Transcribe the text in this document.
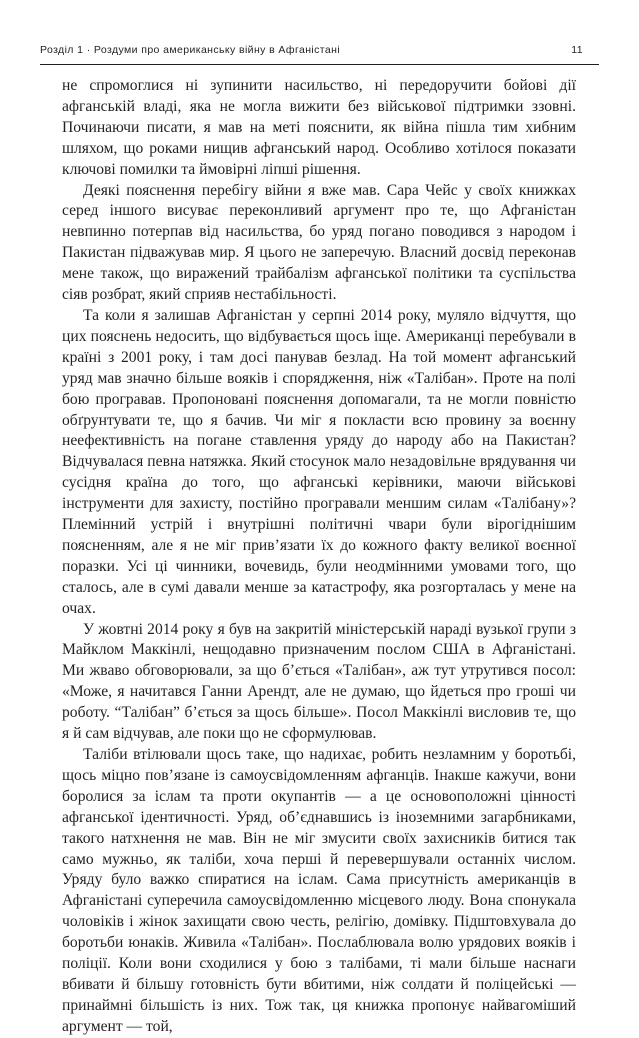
Розділ 1 · Роздуми про американську війну в Афганістані	11

не спромоглися ні зупинити насильство, ні передоручити бойові дії афганській владі, яка не могла вижити без військової підтримки ззовні. Починаючи писати, я мав на меті пояснити, як війна пішла тим хибним шляхом, що роками нищив афганський народ. Особливо хотілося показати ключові помилки та ймовірні ліпші рішення.

Деякі пояснення перебігу війни я вже мав. Сара Чейс у своїх книжках серед іншого висуває переконливий аргумент про те, що Афганістан невпинно потерпав від насильства, бо уряд погано поводився з народом і Пакистан підважував мир. Я цього не заперечую. Власний досвід переконав мене також, що виражений трайбалізм афганської політики та суспільства сіяв розбрат, який сприяв нестабільності.

Та коли я залишав Афганістан у серпні 2014 року, муляло відчуття, що цих пояснень недосить, що відбувається щось іще. Американці перебували в країні з 2001 року, і там досі панував безлад. На той момент афганський уряд мав значно більше вояків і спорядження, ніж «Талібан». Проте на полі бою програвав. Пропоновані пояснення допомагали, та не могли повністю обґрунтувати те, що я бачив. Чи міг я покласти всю провину за воєнну неефективність на погане ставлення уряду до народу або на Пакистан? Відчувалася певна натяжка. Який стосунок мало незадовільне врядування чи сусідня країна до того, що афганські керівники, маючи військові інструменти для захисту, постійно програвали меншим силам «Талібану»? Племінний устрій і внутрішні політичні чвари були вірогіднішим поясненням, але я не міг прив’язати їх до кожного факту великої воєнної поразки. Усі ці чинники, вочевидь, були неодмінними умовами того, що сталось, але в сумі давали менше за катастрофу, яка розгорталась у мене на очах.

У жовтні 2014 року я був на закритій міністерській нараді вузької групи з Майклом Маккінлі, нещодавно призначеним послом США в Афганістані. Ми жваво обговорювали, за що б’ється «Талібан», аж тут утрутився посол: «Може, я начитався Ганни Арендт, але не думаю, що йдеться про гроші чи роботу. “Талібан” б’ється за щось більше». Посол Маккінлі висловив те, що я й сам відчував, але поки що не сформулював.

Таліби втілювали щось таке, що надихає, робить незламним у боротьбі, щось міцно пов’язане із самоусвідомленням афганців. Інакше кажучи, вони боролися за іслам та проти окупантів — а це основоположні цінності афганської ідентичності. Уряд, об’єднавшись із іноземними загарбниками, такого натхнення не мав. Він не міг змусити своїх захисників битися так само мужньо, як таліби, хоча перші й перевершували останніх числом. Уряду було важко спиратися на іслам. Сама присутність американців в Афганістані суперечила самоусвідомленню місцевого люду. Вона спонукала чоловіків і жінок захищати свою честь, релігію, домівку. Підштовхувала до боротьби юнаків. Живила «Талібан». Послаблювала волю урядових вояків і поліції. Коли вони сходилися у бою з талібами, ті мали більше наснаги вбивати й більшу готовність бути вбитими, ніж солдати й поліцейські — принаймні більшість із них. Тож так, ця книжка пропонує найвагоміший аргумент — той,
